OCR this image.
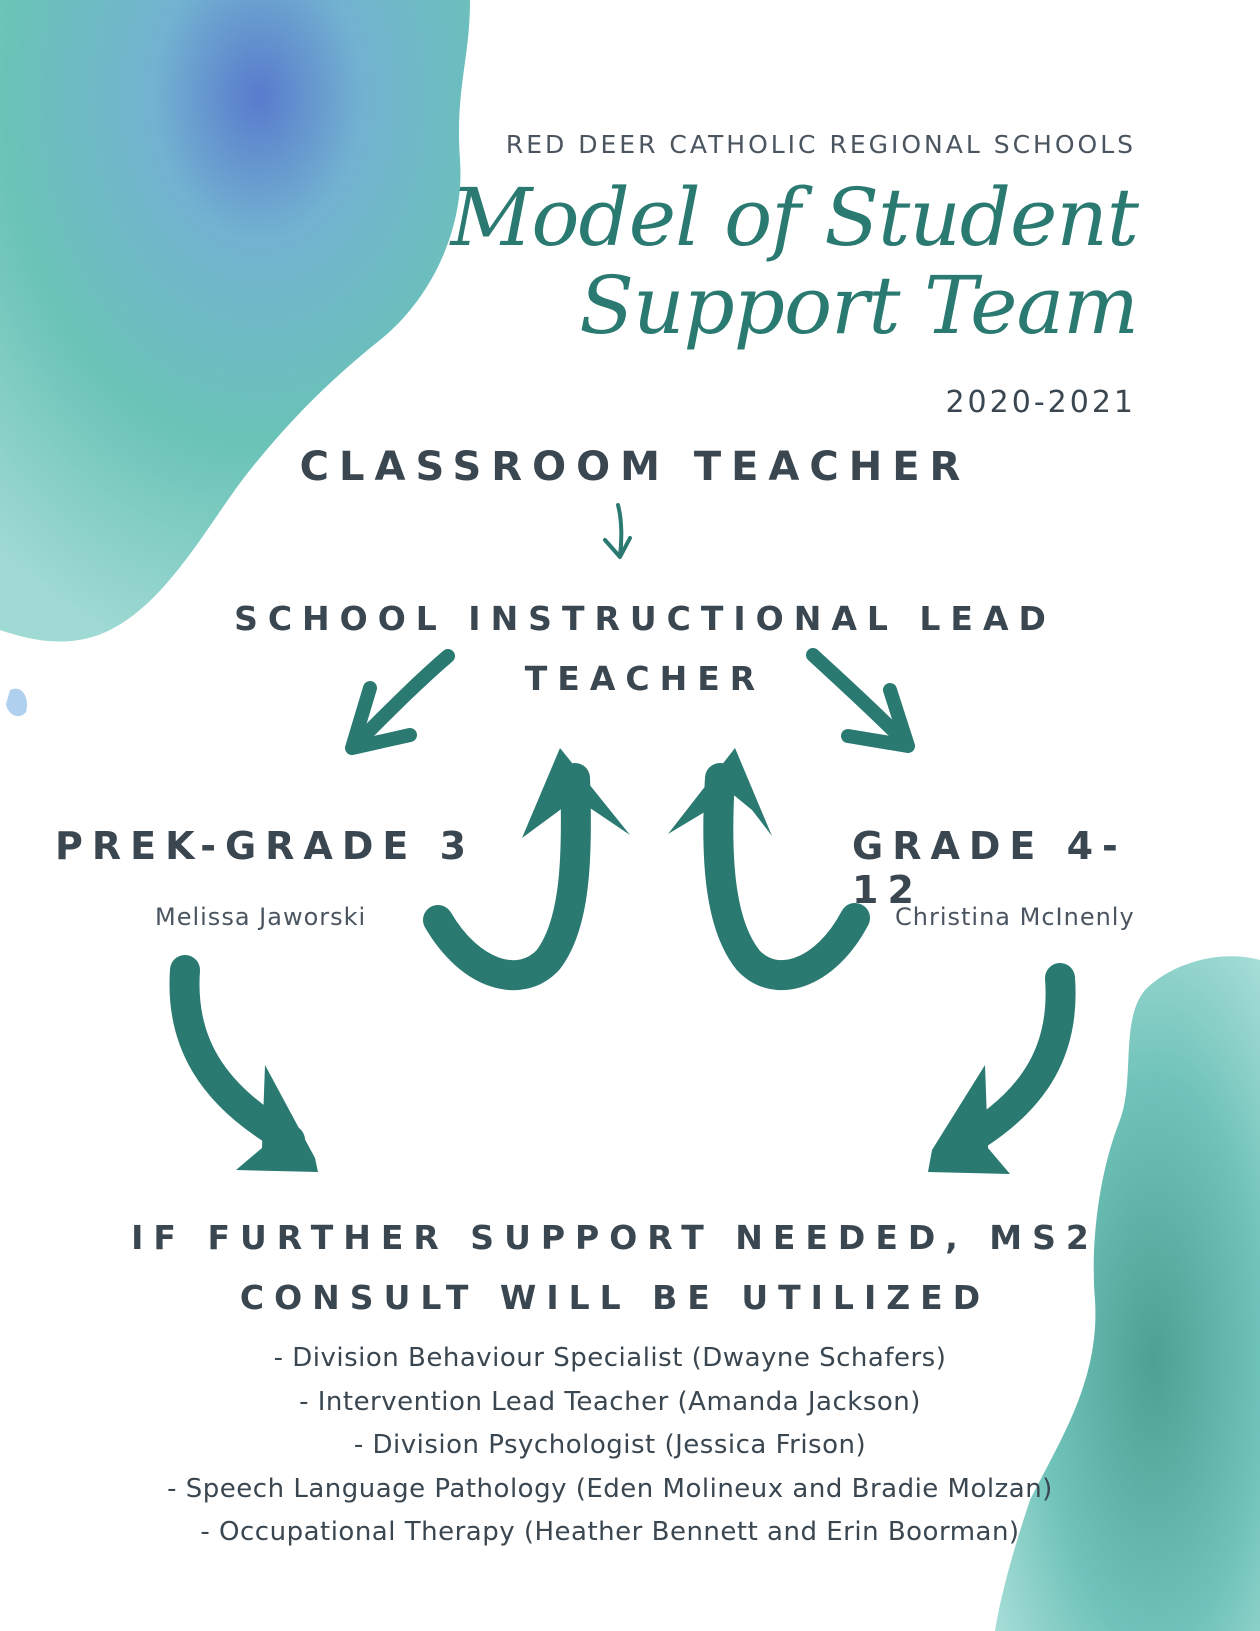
RED DEER CATHOLIC REGIONAL SCHOOLS
Model of Student
Support Team
2020-2021
CLASSROOM TEACHER
SCHOOL INSTRUCTIONAL LEAD
TEACHER
PREK-GRADE 3
Melissa Jaworski
GRADE 4-12
Christina McInenly
IF FURTHER SUPPORT NEEDED, MS2
CONSULT WILL BE UTILIZED
- Division Behaviour Specialist (Dwayne Schafers)
- Intervention Lead Teacher (Amanda Jackson)
- Division Psychologist (Jessica Frison)
- Speech Language Pathology (Eden Molineux and Bradie Molzan)
- Occupational Therapy (Heather Bennett and Erin Boorman)
